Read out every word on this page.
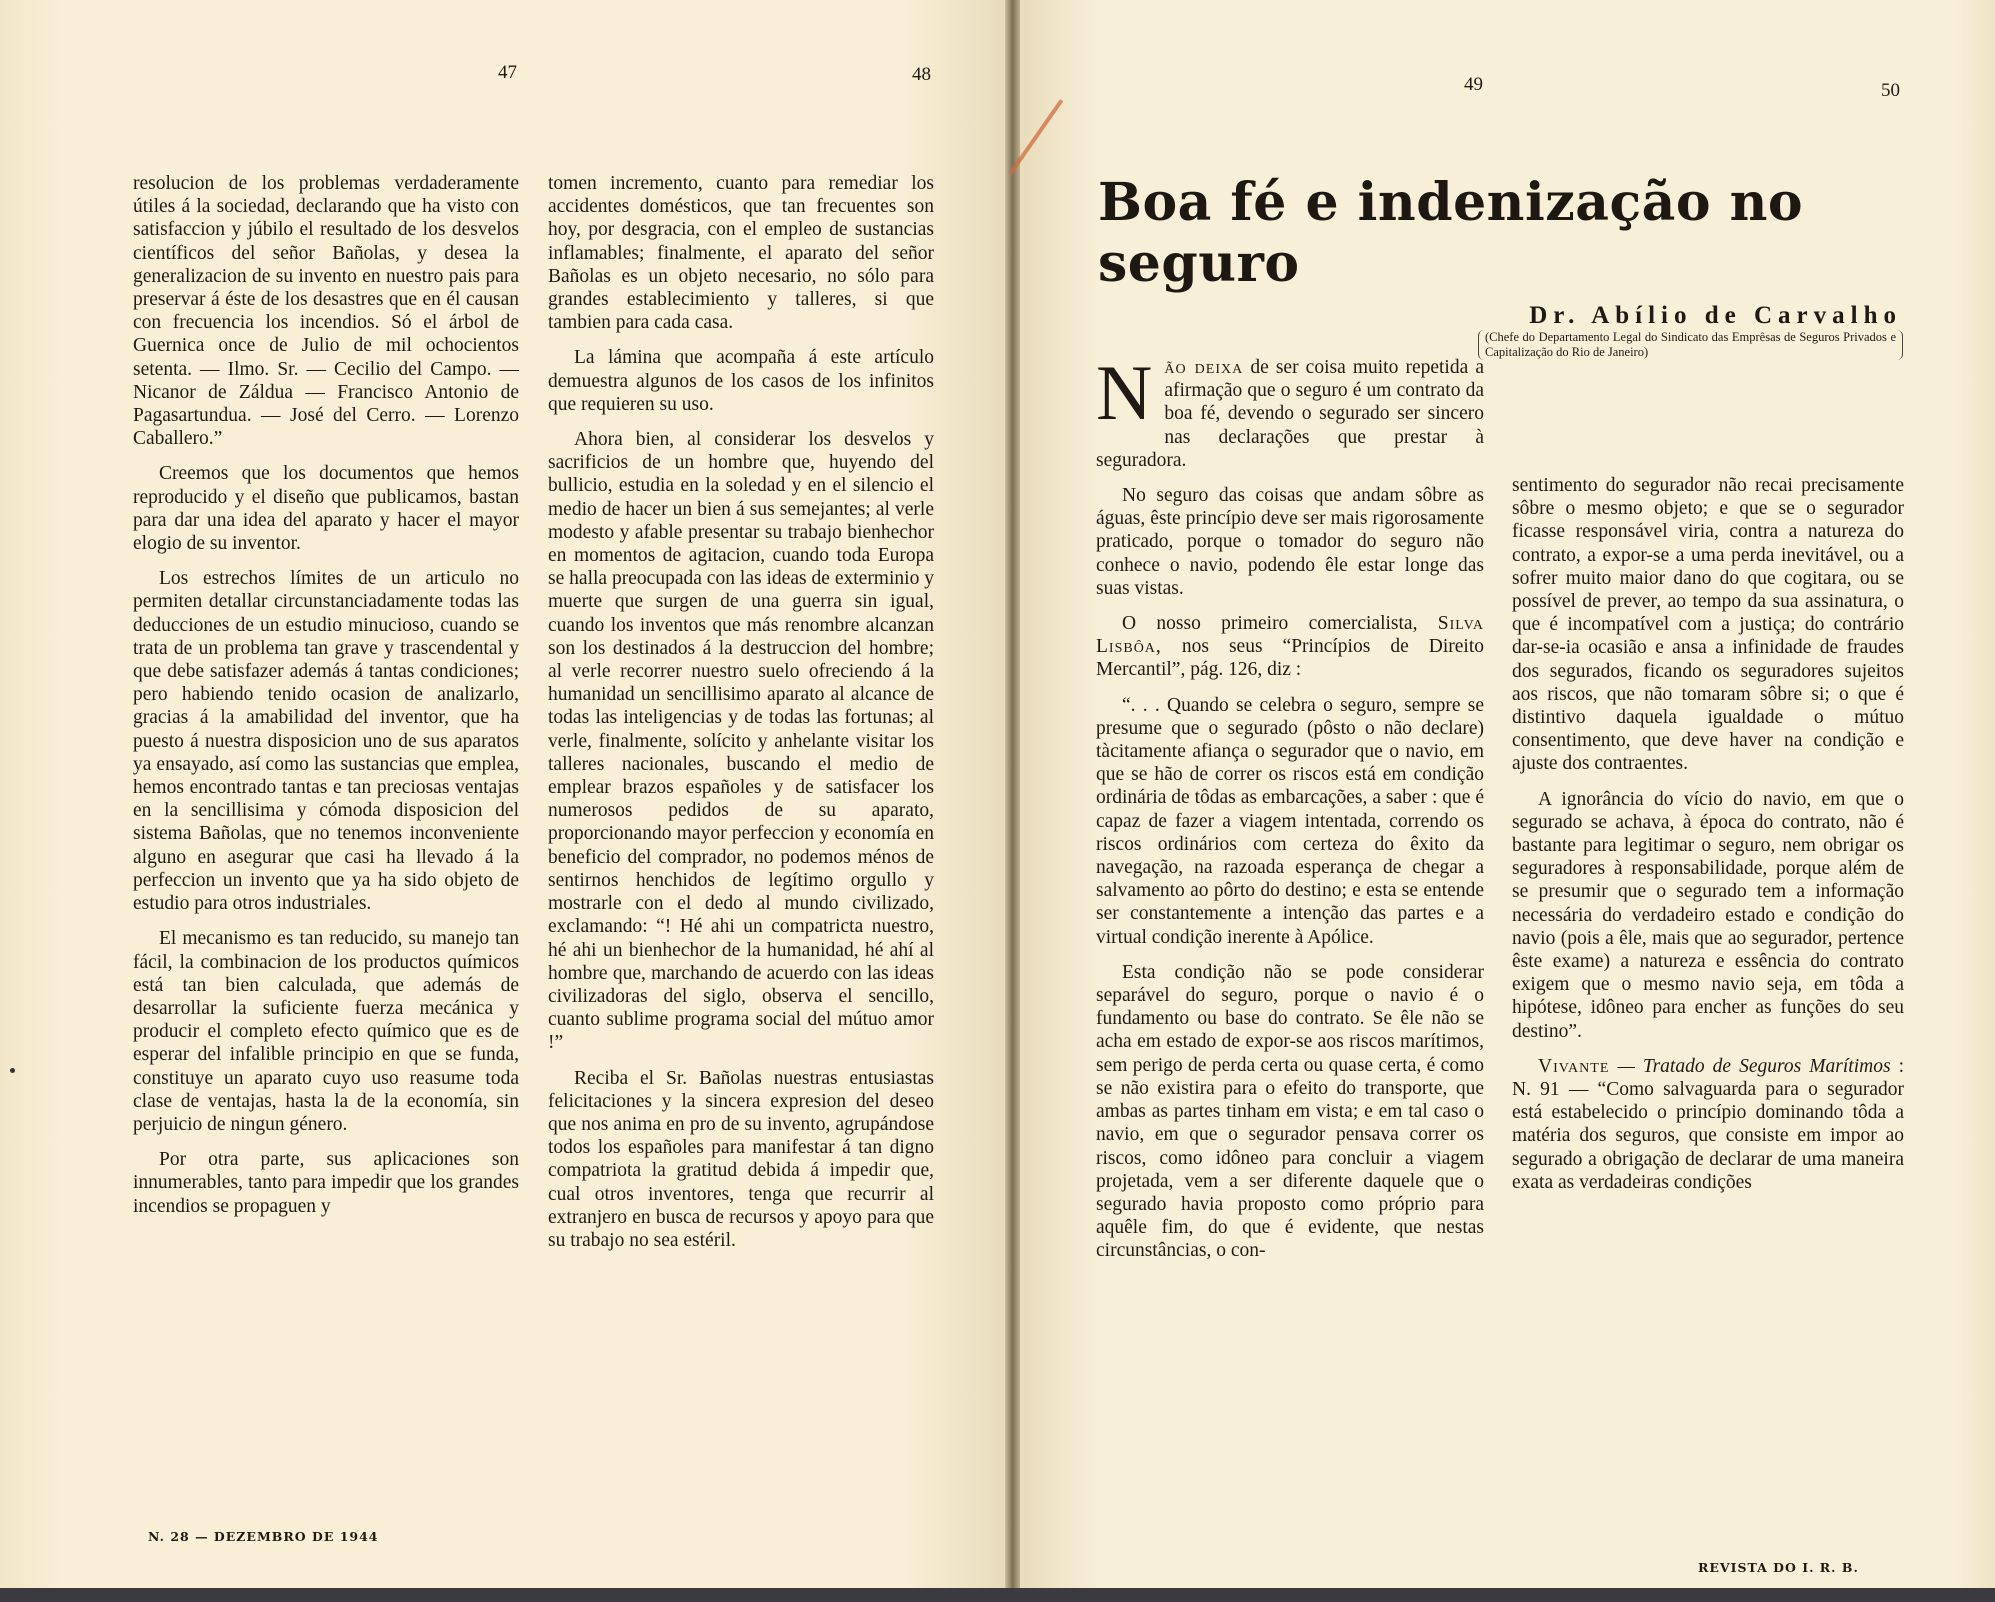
47	48	49	50

resolucion de los problemas verdaderamente útiles á la sociedad, declarando que ha visto con satisfaccion y júbilo el resultado de los desvelos científicos del señor Bañolas, y desea la generalizacion de su invento en nuestro pais para preservar á éste de los desastres que en él causan con frecuencia los incendios. Só el árbol de Guernica once de Julio de mil ochocientos setenta. — Ilmo. Sr. — Cecilio del Campo. — Nicanor de Záldua — Francisco Antonio de Pagasartundua. — José del Cerro. — Lorenzo Caballero.”

Creemos que los documentos que hemos reproducido y el diseño que publicamos, bastan para dar una idea del aparato y hacer el mayor elogio de su inventor.

Los estrechos límites de un articulo no permiten detallar circunstanciadamente todas las deducciones de un estudio minucioso, cuando se trata de un problema tan grave y trascendental y que debe satisfazer además á tantas condiciones; pero habiendo tenido ocasion de analizarlo, gracias á la amabilidad del inventor, que ha puesto á nuestra disposicion uno de sus aparatos ya ensayado, así como las sustancias que emplea, hemos encontrado tantas e tan preciosas ventajas en la sencillisima y cómoda disposicion del sistema Bañolas, que no tenemos inconveniente alguno en asegurar que casi ha llevado á la perfeccion un invento que ya ha sido objeto de estudio para otros industriales.

El mecanismo es tan reducido, su manejo tan fácil, la combinacion de los productos químicos está tan bien calculada, que además de desarrollar la suficiente fuerza mecánica y producir el completo efecto químico que es de esperar del infalible principio en que se funda, constituye un aparato cuyo uso reasume toda clase de ventajas, hasta la de la economía, sin perjuicio de ningun género.

Por otra parte, sus aplicaciones son innumerables, tanto para impedir que los grandes incendios se propaguen y

tomen incremento, cuanto para remediar los accidentes domésticos, que tan frecuentes son hoy, por desgracia, con el empleo de sustancias inflamables; finalmente, el aparato del señor Bañolas es un objeto necesario, no sólo para grandes establecimiento y talleres, si que tambien para cada casa.

La lámina que acompaña á este artículo demuestra algunos de los casos de los infinitos que requieren su uso.

Ahora bien, al considerar los desvelos y sacrificios de un hombre que, huyendo del bullicio, estudia en la soledad y en el silencio el medio de hacer un bien á sus semejantes; al verle modesto y afable presentar su trabajo bienhechor en momentos de agitacion, cuando toda Europa se halla preocupada con las ideas de exterminio y muerte que surgen de una guerra sin igual, cuando los inventos que más renombre alcanzan son los destinados á la destruccion del hombre; al verle recorrer nuestro suelo ofreciendo á la humanidad un sencillisimo aparato al alcance de todas las inteligencias y de todas las fortunas; al verle, finalmente, solícito y anhelante visitar los talleres nacionales, buscando el medio de emplear brazos españoles y de satisfacer los numerosos pedidos de su aparato, proporcionando mayor perfeccion y economía en beneficio del comprador, no podemos ménos de sentirnos henchidos de legítimo orgullo y mostrarle con el dedo al mundo civilizado, exclamando: “! Hé ahi un compatricta nuestro, hé ahi un bienhechor de la humanidad, hé ahí al hombre que, marchando de acuerdo con las ideas civilizadoras del siglo, observa el sencillo, cuanto sublime programa social del mútuo amor !”

Reciba el Sr. Bañolas nuestras entusiastas felicitaciones y la sincera expresion del deseo que nos anima en pro de su invento, agrupándose todos los españoles para manifestar á tan digno compatriota la gratitud debida á impedir que, cual otros inventores, tenga que recurrir al extranjero en busca de recursos y apoyo para que su trabajo no sea estéril.

N. 28 — DEZEMBRO DE 1944
Boa fé e indenização no seguro
Dr. Abílio de Carvalho
(Chefe do Departamento Legal do Sindicato das Emprêsas de Seguros Privados e Capitalização do Rio de Janeiro)

Não deixa de ser coisa muito repetida a afirmação que o seguro é um contrato da boa fé, devendo o segurado ser sincero nas declarações que prestar à seguradora.

No seguro das coisas que andam sôbre as águas, êste princípio deve ser mais rigorosamente praticado, porque o tomador do seguro não conhece o navio, podendo êle estar longe das suas vistas.

O nosso primeiro comercialista, Silva Lisbôa, nos seus “Princípios de Direito Mercantil”, pág. 126, diz :

“. . . Quando se celebra o seguro, sempre se presume que o segurado (pôsto o não declare) tàcitamente afiança o segurador que o navio, em que se hão de correr os riscos está em condição ordinária de tôdas as embarcações, a saber : que é capaz de fazer a viagem intentada, correndo os riscos ordinários com certeza do êxito da navegação, na razoada esperança de chegar a salvamento ao pôrto do destino; e esta se entende ser constantemente a intenção das partes e a virtual condição inerente à Apólice.

Esta condição não se pode considerar separável do seguro, porque o navio é o fundamento ou base do contrato. Se êle não se acha em estado de expor-se aos riscos marítimos, sem perigo de perda certa ou quase certa, é como se não existira para o efeito do transporte, que ambas as partes tinham em vista; e em tal caso o navio, em que o segurador pensava correr os riscos, como idôneo para concluir a viagem projetada, vem a ser diferente daquele que o segurado havia proposto como próprio para aquêle fim, do que é evidente, que nestas circunstâncias, o con-

sentimento do segurador não recai precisamente sôbre o mesmo objeto; e que se o segurador ficasse responsável viria, contra a natureza do contrato, a expor-se a uma perda inevitável, ou a sofrer muito maior dano do que cogitara, ou se possível de prever, ao tempo da sua assinatura, o que é incompatível com a justiça; do contrário dar-se-ia ocasião e ansa a infinidade de fraudes dos segurados, ficando os seguradores sujeitos aos riscos, que não tomaram sôbre si; o que é distintivo daquela igualdade o mútuo consentimento, que deve haver na condição e ajuste dos contraentes.

A ignorância do vício do navio, em que o segurado se achava, à época do contrato, não é bastante para legitimar o seguro, nem obrigar os seguradores à responsabilidade, porque além de se presumir que o segurado tem a informação necessária do verdadeiro estado e condição do navio (pois a êle, mais que ao segurador, pertence êste exame) a natureza e essência do contrato exigem que o mesmo navio seja, em tôda a hipótese, idôneo para encher as funções do seu destino”.

Vivante — Tratado de Seguros Marítimos : N. 91 — “Como salvaguarda para o segurador está estabelecido o princípio dominando tôda a matéria dos seguros, que consiste em impor ao segurado a obrigação de declarar de uma maneira exata as verdadeiras condições

REVISTA DO I. R. B.
